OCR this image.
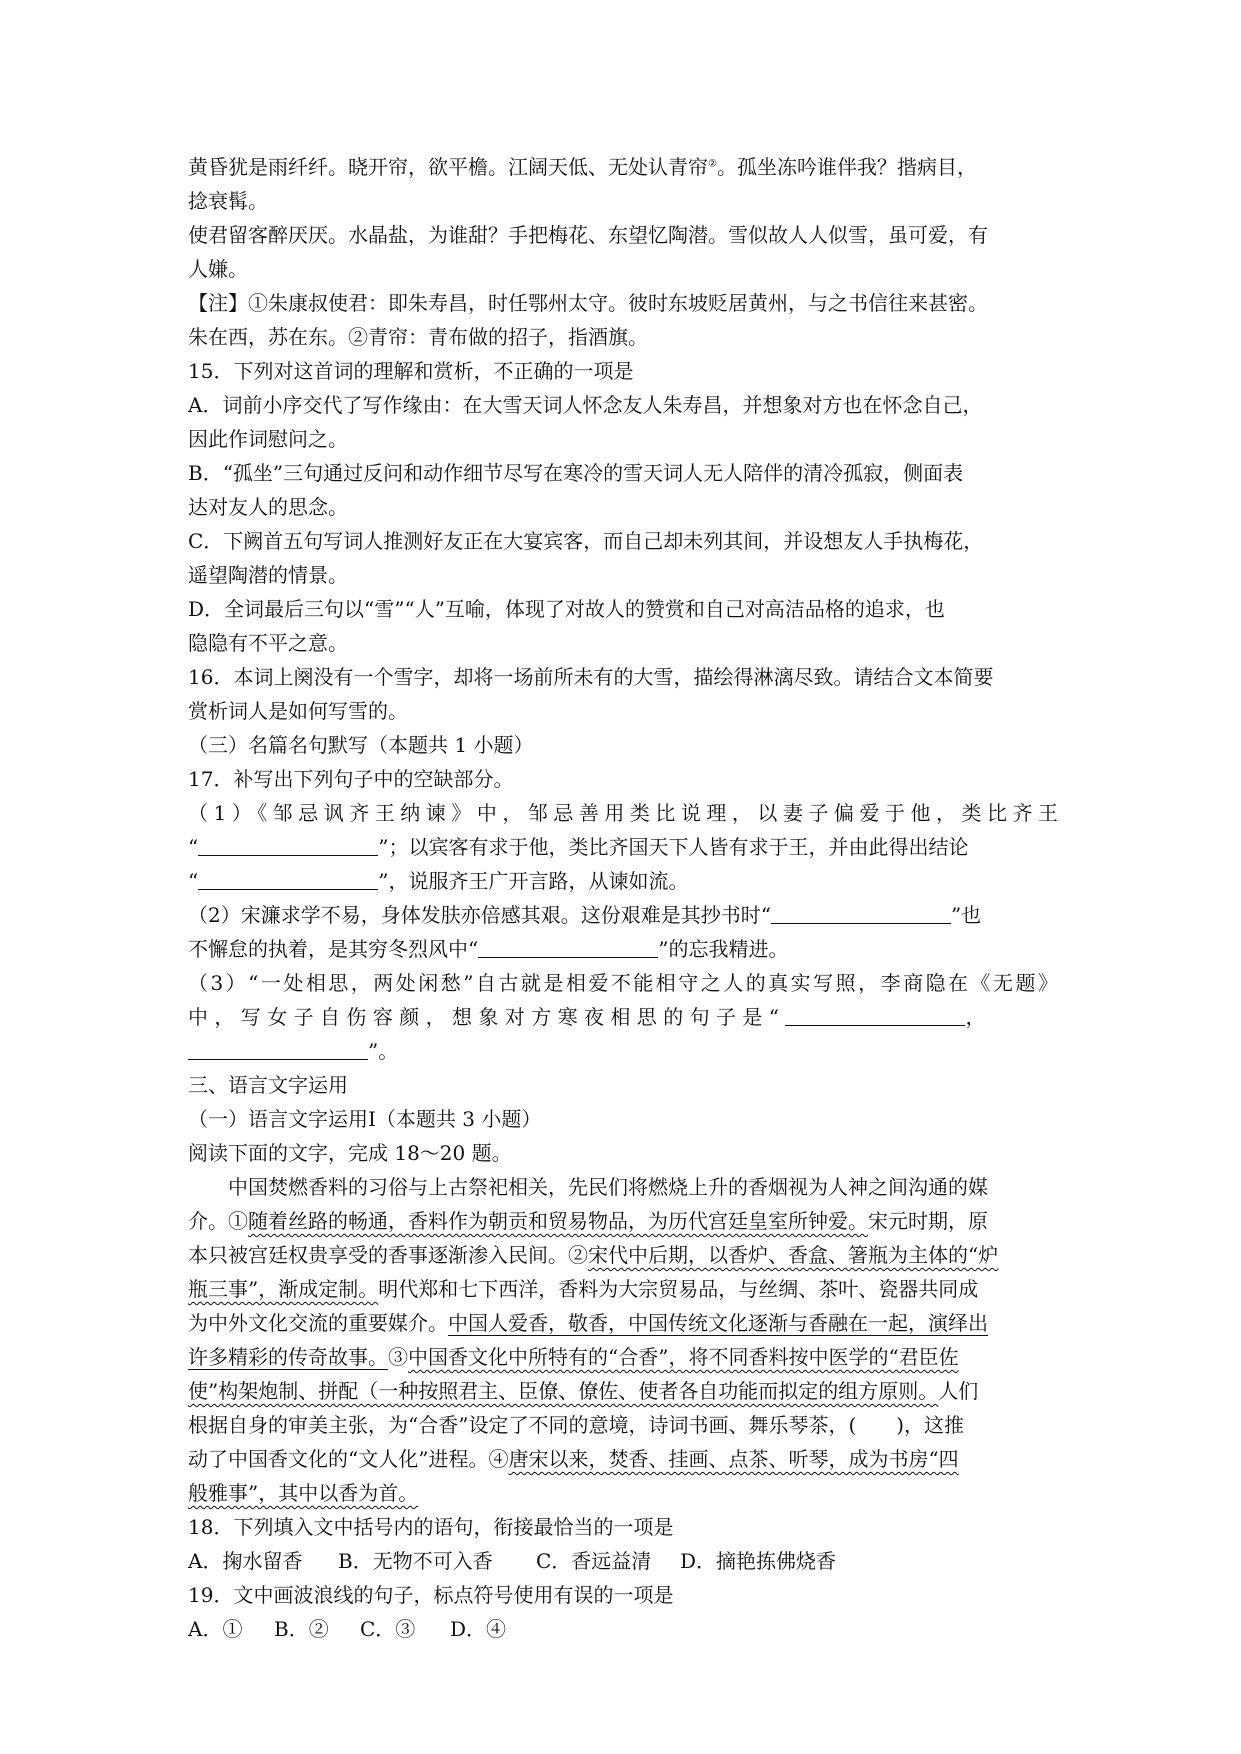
黄昏犹是雨纤纤。晓开帘，欲平檐。江阔天低、无处认青帘②。孤坐冻吟谁伴我？揩病目，
捻衰髯。
使君留客醉厌厌。水晶盐，为谁甜？手把梅花、东望忆陶潜。雪似故人人似雪，虽可爱，有
人嫌。
【注】①朱康叔使君：即朱寿昌，时任鄂州太守。彼时东坡贬居黄州，与之书信往来甚密。
朱在西，苏在东。②青帘：青布做的招子，指酒旗。
15．下列对这首词的理解和赏析，不正确的一项是
A．词前小序交代了写作缘由：在大雪天词人怀念友人朱寿昌，并想象对方也在怀念自己，
因此作词慰问之。
B．“孤坐”三句通过反问和动作细节尽写在寒冷的雪天词人无人陪伴的清冷孤寂，侧面表
达对友人的思念。
C．下阙首五句写词人推测好友正在大宴宾客，而自己却未列其间，并设想友人手执梅花，
遥望陶潜的情景。
D．全词最后三句以“雪”“人”互喻，体现了对故人的赞赏和自己对高洁品格的追求，也
隐隐有不平之意。
16．本词上阕没有一个雪字，却将一场前所未有的大雪，描绘得淋漓尽致。请结合文本简要
赏析词人是如何写雪的。
（三）名篇名句默写（本题共 1 小题）
17．补写出下列句子中的空缺部分。
（1）《邹忌讽齐王纳谏》中，邹忌善用类比说理，以妻子偏爱于他，类比齐王
“	”；以宾客有求于他，类比齐国天下人皆有求于王，并由此得出结论
“	”，说服齐王广开言路，从谏如流。
（2）宋濂求学不易，身体发肤亦倍感其艰。这份艰难是其抄书时“	”也
不懈怠的执着，是其穷冬烈风中“	”的忘我精进。
（3）“一处相思，两处闲愁”自古就是相爱不能相守之人的真实写照，李商隐在《无题》
中，写女子自伤容颜，想象对方寒夜相思的句子是“	，
”。
三、语言文字运用
（一）语言文字运用Ⅰ（本题共 3 小题）
阅读下面的文字，完成 18～20 题。
中国焚燃香料的习俗与上古祭祀相关，先民们将燃烧上升的香烟视为人神之间沟通的媒
介。①随着丝路的畅通，香料作为朝贡和贸易物品，为历代宫廷皇室所钟爱。宋元时期，原
本只被宫廷权贵享受的香事逐渐渗入民间。②宋代中后期，以香炉、香盒、箸瓶为主体的“炉
瓶三事”，渐成定制。明代郑和七下西洋，香料为大宗贸易品，与丝绸、茶叶、瓷器共同成
为中外文化交流的重要媒介。中国人爱香，敬香，中国传统文化逐渐与香融在一起，演绎出
许多精彩的传奇故事。③中国香文化中所特有的“合香”，将不同香料按中医学的“君臣佐
使”构架炮制、拼配（一种按照君主、臣僚、僚佐、使者各自功能而拟定的组方原则。人们
根据自身的审美主张，为“合香”设定了不同的意境，诗词书画、舞乐琴茶，(　　)，这推
动了中国香文化的“文人化”进程。④唐宋以来，焚香、挂画、点茶、听琴，成为书房“四
般雅事”，其中以香为首。
18．下列填入文中括号内的语句，衔接最恰当的一项是
A．掬水留香 B．无物不可入香 C．香远益清 D．摘艳拣佛烧香
19．文中画波浪线的句子，标点符号使用有误的一项是
A．① B．② C．③ D．④
